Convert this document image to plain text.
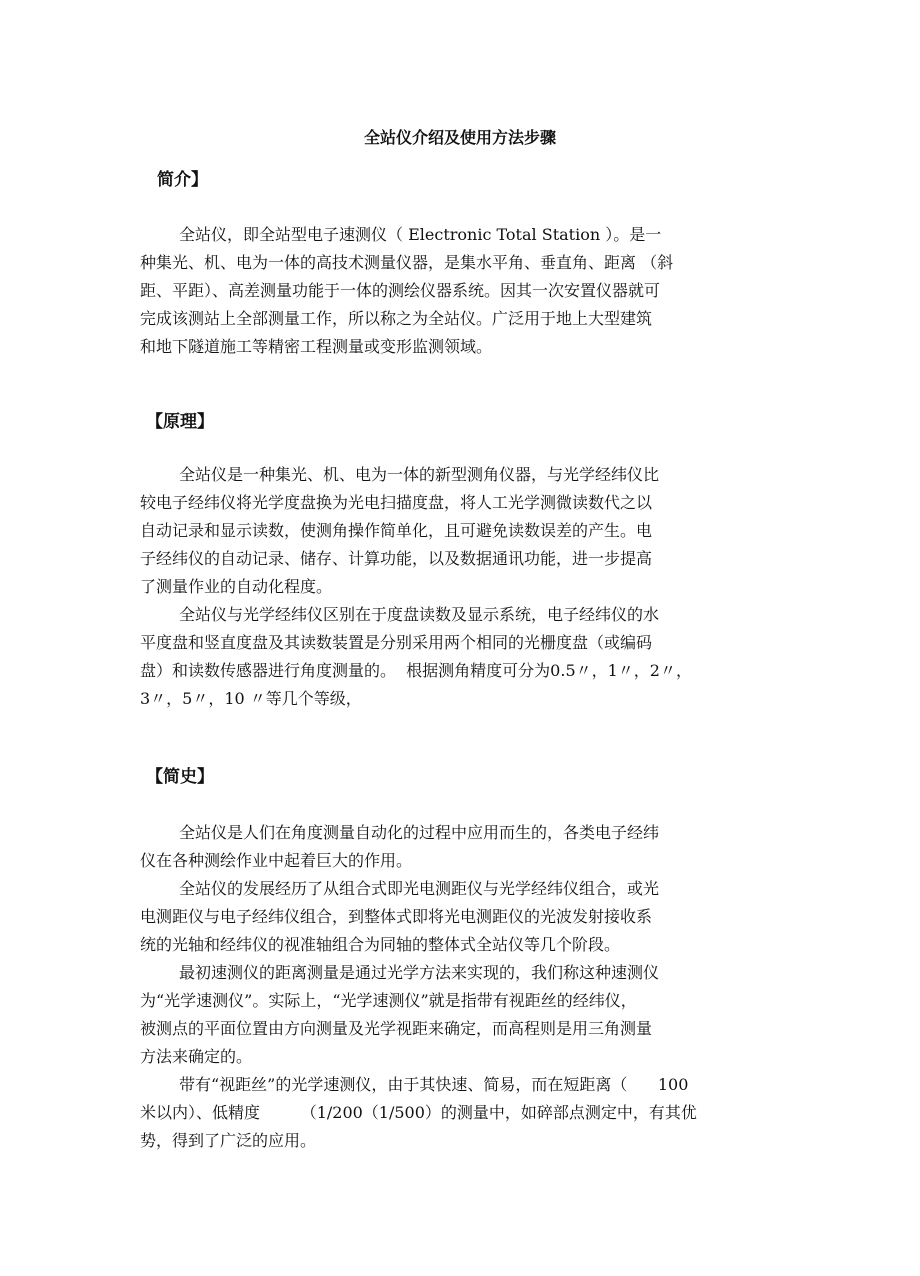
全站仪介绍及使用方法步骤
简介】

全站仪，即全站型电子速测仪（ Electronic Total Station ）。是一

种集光、机、电为一体的高技术测量仪器，是集水平角、垂直角、距离 （斜

距、平距）、高差测量功能于一体的测绘仪器系统。因其一次安置仪器就可

完成该测站上全部测量工作，所以称之为全站仪。广泛用于地上大型建筑

和地下隧道施工等精密工程测量或变形监测领域。

【原理】

全站仪是一种集光、机、电为一体的新型测角仪器，与光学经纬仪比

较电子经纬仪将光学度盘换为光电扫描度盘，将人工光学测微读数代之以

自动记录和显示读数，使测角操作简单化，且可避免读数误差的产生。电

子经纬仪的自动记录、储存、计算功能，以及数据通讯功能，进一步提高

了测量作业的自动化程度。

全站仪与光学经纬仪区别在于度盘读数及显示系统，电子经纬仪的水

平度盘和竖直度盘及其读数装置是分别采用两个相同的光栅度盘（或编码

盘）和读数传感器进行角度测量的。  根据测角精度可分为0.5〃，1〃，2〃，

3〃，5〃，10 〃等几个等级，

【简史】

全站仪是人们在角度测量自动化的过程中应用而生的，各类电子经纬

仪在各种测绘作业中起着巨大的作用。

全站仪的发展经历了从组合式即光电测距仪与光学经纬仪组合，或光

电测距仪与电子经纬仪组合，到整体式即将光电测距仪的光波发射接收系

统的光轴和经纬仪的视准轴组合为同轴的整体式全站仪等几个阶段。

最初速测仪的距离测量是通过光学方法来实现的，我们称这种速测仪

为“光学速测仪”。实际上，“光学速测仪”就是指带有视距丝的经纬仪，

被测点的平面位置由方向测量及光学视距来确定，而高程则是用三角测量

方法来确定的。

带有“视距丝”的光学速测仪，由于其快速、简易，而在短距离（      100

米以内）、低精度        （1/200（1/500）的测量中，如碎部点测定中，有其优

势，得到了广泛的应用。
